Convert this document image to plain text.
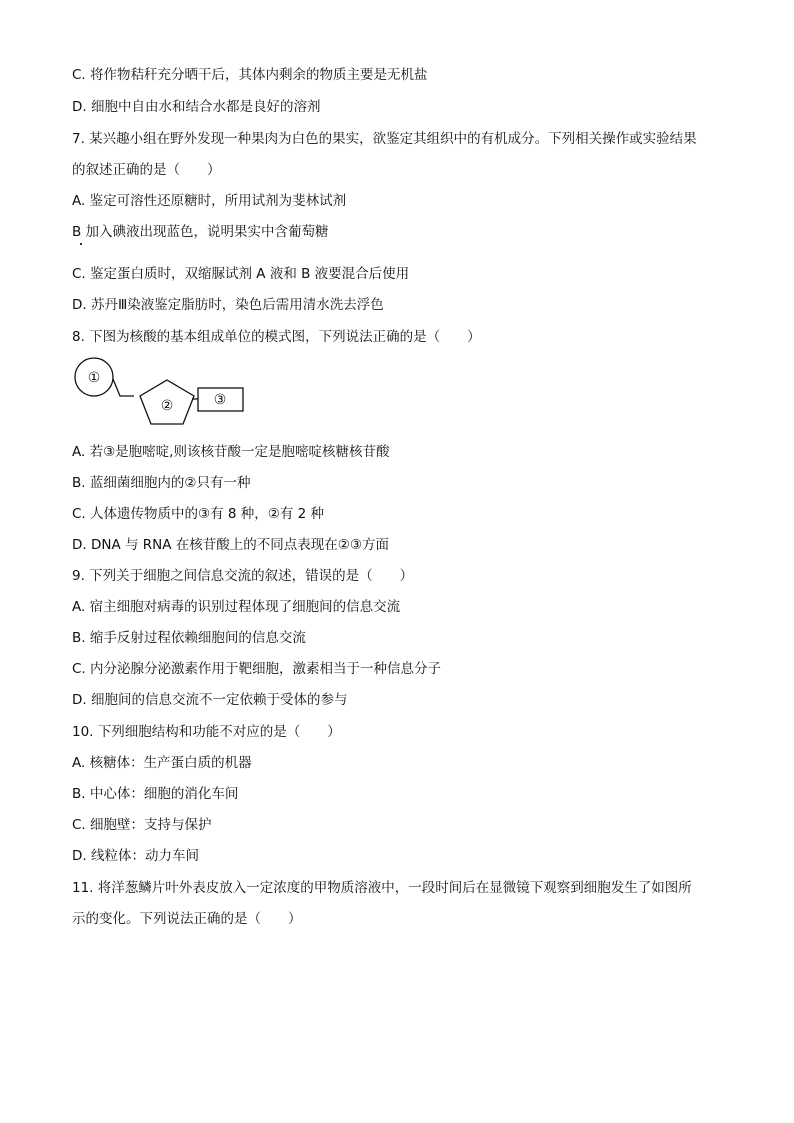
C. 将作物秸秆充分晒干后，其体内剩余的物质主要是无机盐
D. 细胞中自由水和结合水都是良好的溶剂
7. 某兴趣小组在野外发现一种果肉为白色的果实，欲鉴定其组织中的有机成分。下列相关操作或实验结果
的叙述正确的是（　　）
A. 鉴定可溶性还原糖时，所用试剂为斐林试剂
B 加入碘液出现蓝色，说明果实中含葡萄糖
C. 鉴定蛋白质时，双缩脲试剂 A 液和 B 液要混合后使用
D. 苏丹Ⅲ染液鉴定脂肪时，染色后需用清水洗去浮色
8. 下图为核酸的基本组成单位的模式图，下列说法正确的是（　　）
①
②	③
A. 若③是胞嘧啶,则该核苷酸一定是胞嘧啶核糖核苷酸
B. 蓝细菌细胞内的②只有一种
C. 人体遗传物质中的③有 8 种，②有 2 种
D. DNA 与 RNA 在核苷酸上的不同点表现在②③方面
9. 下列关于细胞之间信息交流的叙述，错误的是（　　）
A. 宿主细胞对病毒的识别过程体现了细胞间的信息交流
B. 缩手反射过程依赖细胞间的信息交流
C. 内分泌腺分泌激素作用于靶细胞，激素相当于一种信息分子
D. 细胞间的信息交流不一定依赖于受体的参与
10. 下列细胞结构和功能不对应的是（　　）
A. 核糖体：生产蛋白质的机器
B. 中心体：细胞的消化车间
C. 细胞壁：支持与保护
D. 线粒体：动力车间
11. 将洋葱鳞片叶外表皮放入一定浓度的甲物质溶液中，一段时间后在显微镜下观察到细胞发生了如图所
示的变化。下列说法正确的是（　　）
